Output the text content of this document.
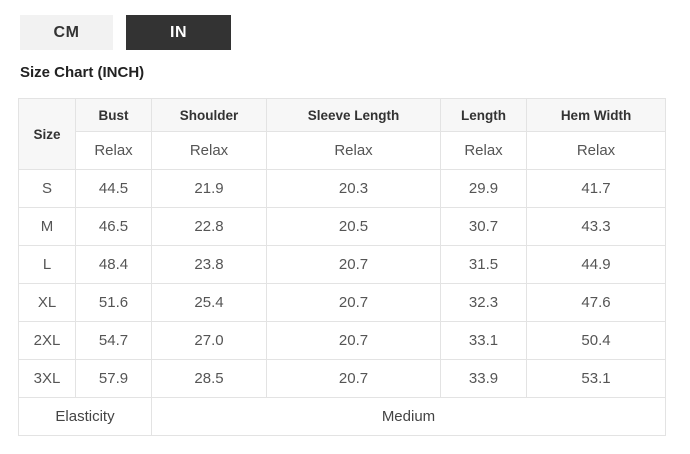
CM	IN
Size Chart (INCH)
Size	Bust	Shoulder	Sleeve Length	Length	Hem Width
	Relax	Relax	Relax	Relax	Relax
S	44.5	21.9	20.3	29.9	41.7
M	46.5	22.8	20.5	30.7	43.3
L	48.4	23.8	20.7	31.5	44.9
XL	51.6	25.4	20.7	32.3	47.6
2XL	54.7	27.0	20.7	33.1	50.4
3XL	57.9	28.5	20.7	33.9	53.1
Elasticity		Medium			
